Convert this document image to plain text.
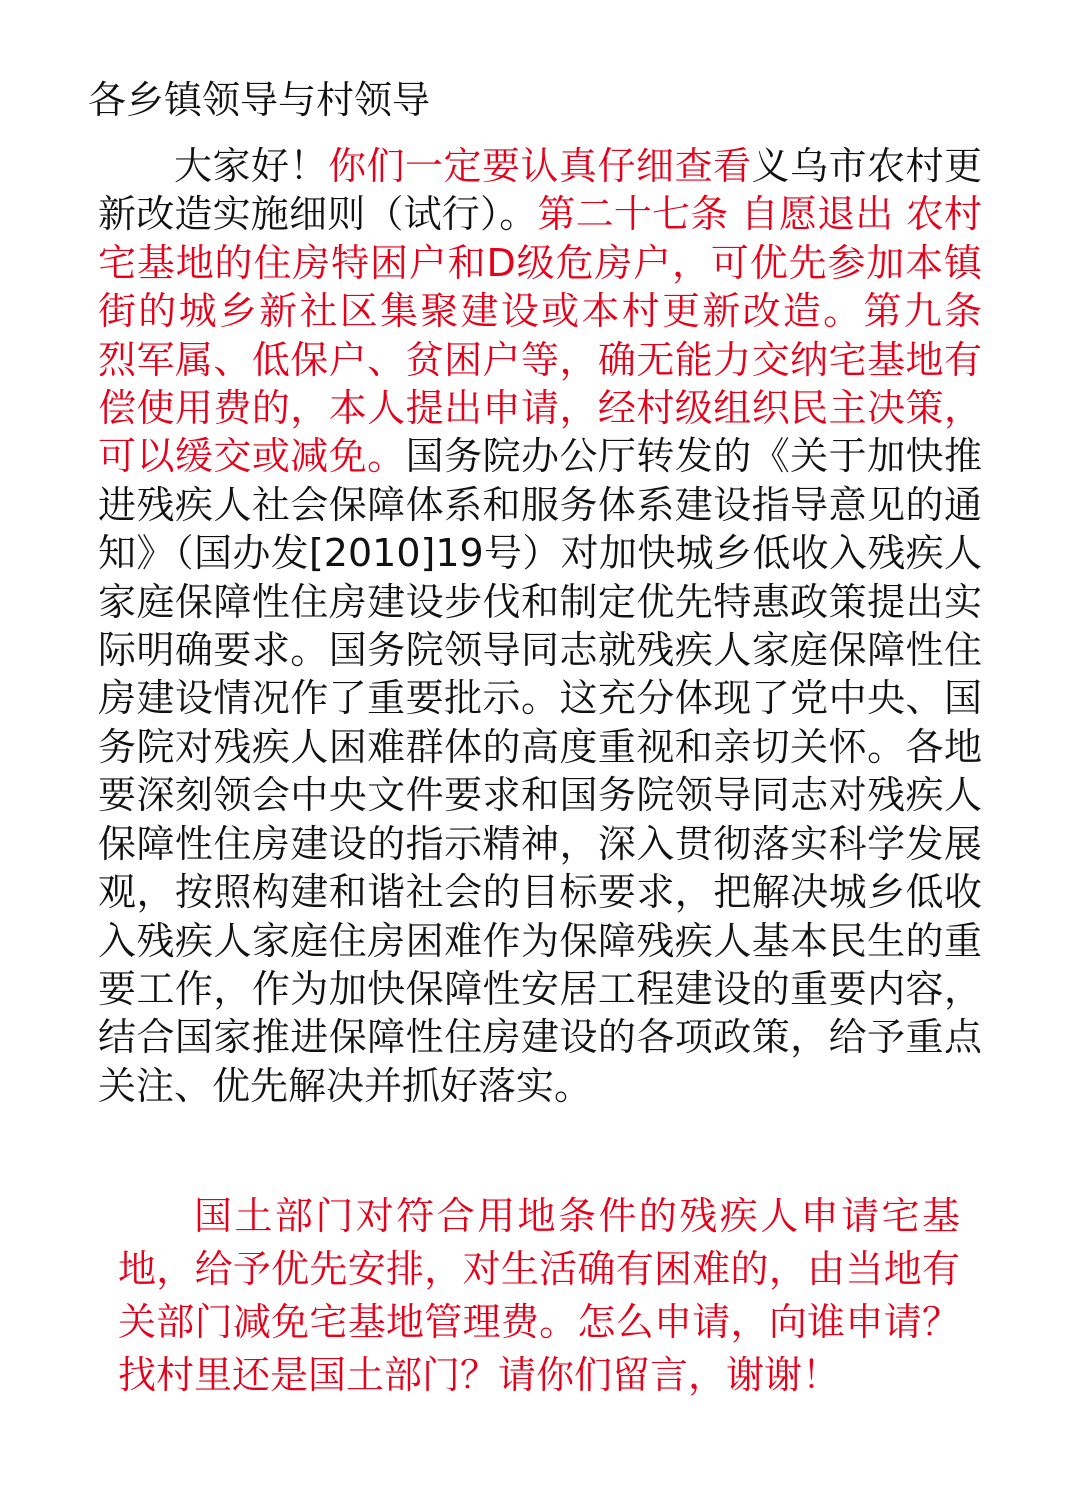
各乡镇领导与村领导
大家好！你们一定要认真仔细查看义乌市农村更新改造实施细则（试行）。第二十七条 自愿退出 农村宅基地的住房特困户和D级危房户，可优先参加本镇街的城乡新社区集聚建设或本村更新改造。第九条 烈军属、低保户、贫困户等，确无能力交纳宅基地有偿使用费的，本人提出申请，经村级组织民主决策，可以缓交或减免。国务院办公厅转发的《关于加快推进残疾人社会保障体系和服务体系建设指导意见的通知》（国办发[2010]19号）对加快城乡低收入残疾人家庭保障性住房建设步伐和制定优先特惠政策提出实际明确要求。国务院领导同志就残疾人家庭保障性住房建设情况作了重要批示。这充分体现了党中央、国务院对残疾人困难群体的高度重视和亲切关怀。各地要深刻领会中央文件要求和国务院领导同志对残疾人保障性住房建设的指示精神，深入贯彻落实科学发展观，按照构建和谐社会的目标要求，把解决城乡低收入残疾人家庭住房困难作为保障残疾人基本民生的重要工作，作为加快保障性安居工程建设的重要内容，结合国家推进保障性住房建设的各项政策，给予重点关注、优先解决并抓好落实。
国土部门对符合用地条件的残疾人申请宅基地，给予优先安排，对生活确有困难的，由当地有关部门减免宅基地管理费。怎么申请，向谁申请？找村里还是国土部门？请你们留言，谢谢！
